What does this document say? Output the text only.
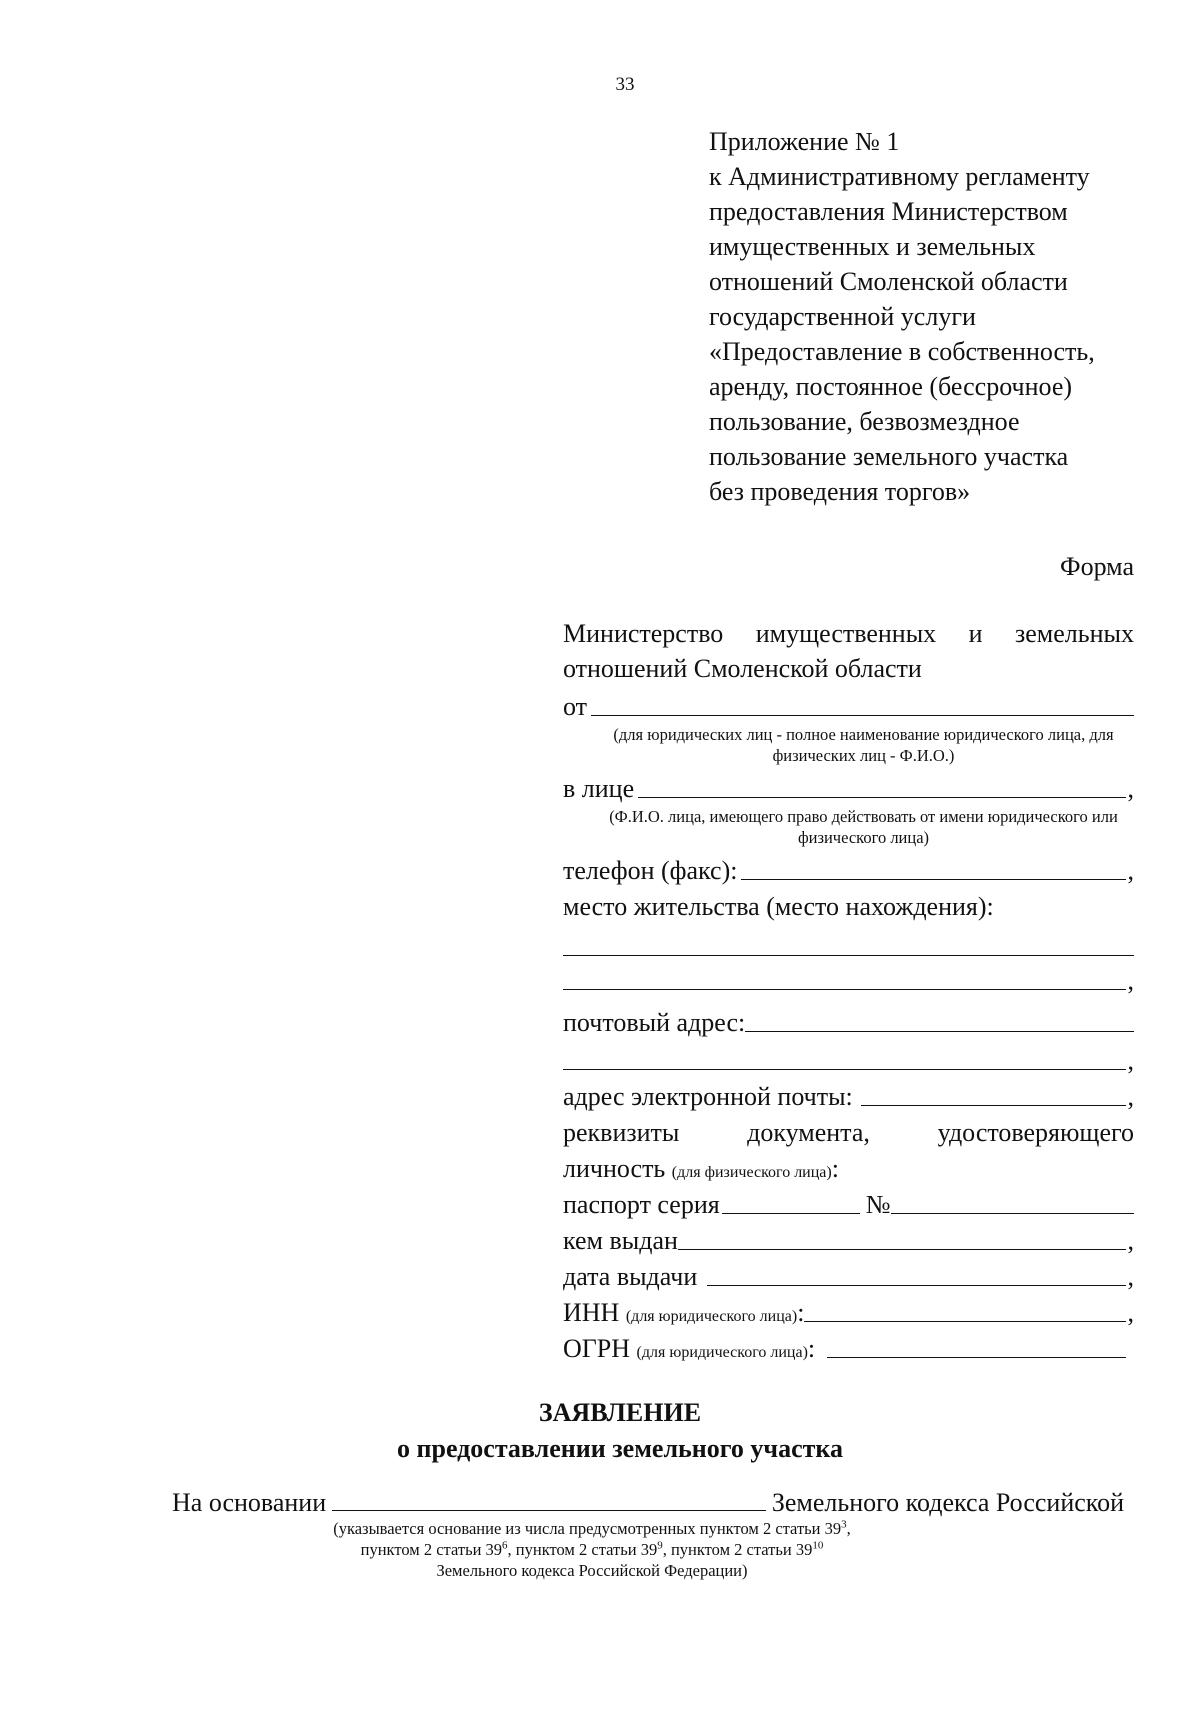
33
Приложение № 1
к Административному регламенту
предоставления Министерством
имущественных и земельных
отношений Смоленской области
государственной услуги
«Предоставление в собственность,
аренду, постоянное (бессрочное)
пользование, безвозмездное
пользование земельного участка
без проведения торгов»
Форма
Министерство имущественных и земельных отношений Смоленской области
от
(для юридических лиц - полное наименование юридического лица, для физических лиц - Ф.И.О.)
в лице	,
(Ф.И.О. лица, имеющего право действовать от имени юридического или физического лица)
телефон (факс):	,
место жительства (место нахождения):
,
почтовый адрес:
,
адрес электронной почты:	,
реквизиты	документа,	удостоверяющего
личность (для физического лица):
паспорт серия	№
кем выдан	,
дата выдачи	,
ИНН (для юридического лица):	,
ОГРН (для юридического лица):
ЗАЯВЛЕНИЕ
о предоставлении земельного участка
На основании	Земельного кодекса Российской
(указывается основание из числа предусмотренных пунктом 2 статьи $39^3$,
пунктом 2 статьи $39^6$, пунктом 2 статьи $39^9$, пунктом 2 статьи $39^{10}$
Земельного кодекса Российской Федерации)
